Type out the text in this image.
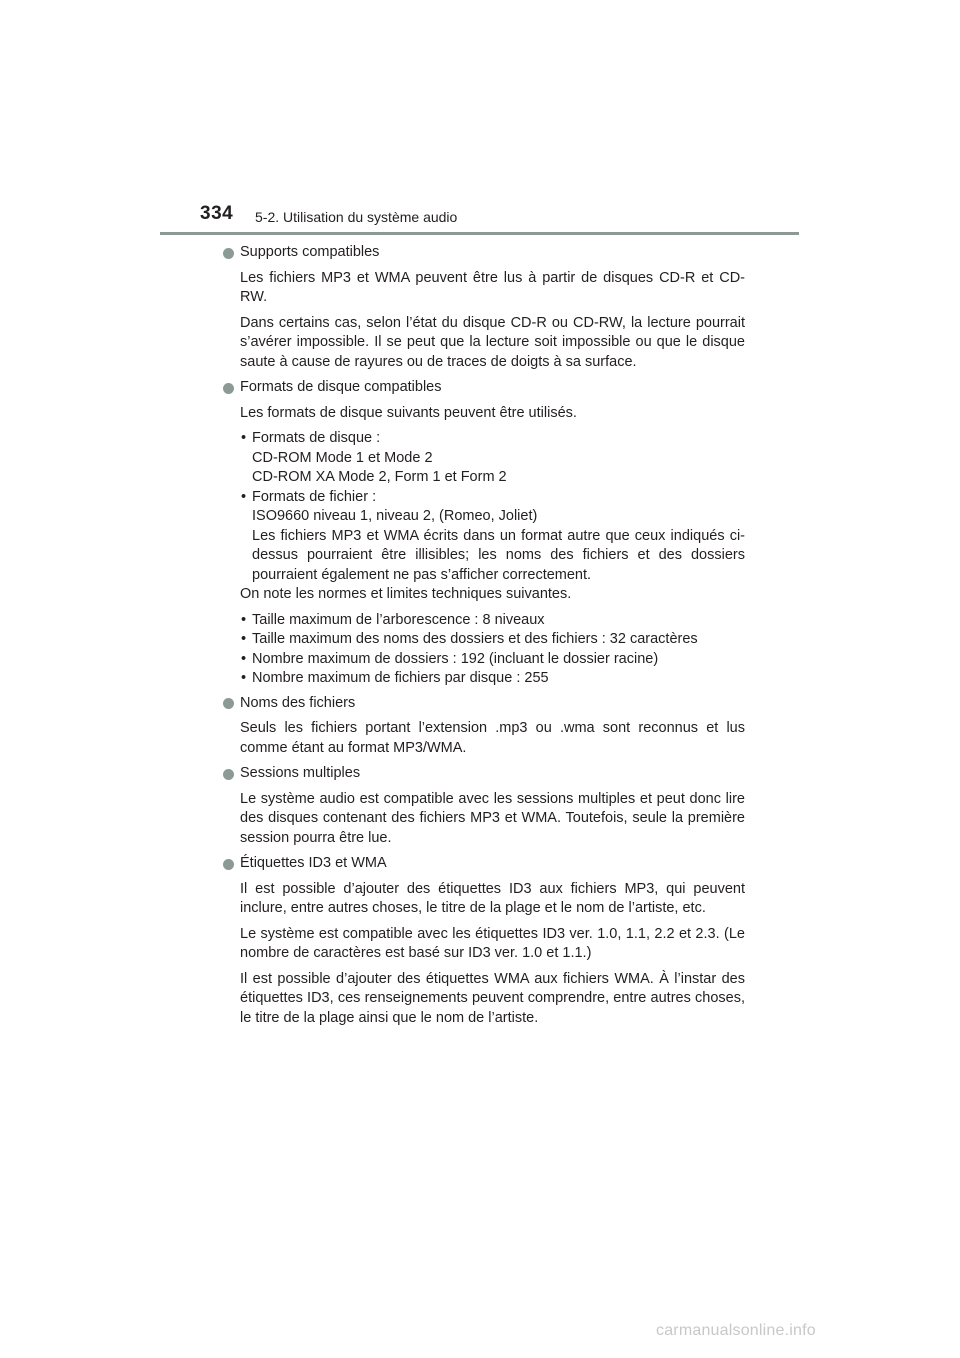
334 5-2. Utilisation du système audio
Supports compatibles
Les fichiers MP3 et WMA peuvent être lus à partir de disques CD-R et CD-RW.
Dans certains cas, selon l’état du disque CD-R ou CD-RW, la lecture pourrait s’avérer impossible. Il se peut que la lecture soit impossible ou que le disque saute à cause de rayures ou de traces de doigts à sa surface.
Formats de disque compatibles
Les formats de disque suivants peuvent être utilisés.
• Formats de disque :
CD-ROM Mode 1 et Mode 2
CD-ROM XA Mode 2, Form 1 et Form 2
• Formats de fichier :
ISO9660 niveau 1, niveau 2, (Romeo, Joliet)
Les fichiers MP3 et WMA écrits dans un format autre que ceux indiqués ci-dessus pourraient être illisibles; les noms des fichiers et des dossiers pourraient également ne pas s’afficher correctement.
On note les normes et limites techniques suivantes.
• Taille maximum de l’arborescence : 8 niveaux
• Taille maximum des noms des dossiers et des fichiers : 32 caractères
• Nombre maximum de dossiers : 192 (incluant le dossier racine)
• Nombre maximum de fichiers par disque : 255
Noms des fichiers
Seuls les fichiers portant l’extension .mp3 ou .wma sont reconnus et lus comme étant au format MP3/WMA.
Sessions multiples
Le système audio est compatible avec les sessions multiples et peut donc lire des disques contenant des fichiers MP3 et WMA. Toutefois, seule la première session pourra être lue.
Étiquettes ID3 et WMA
Il est possible d’ajouter des étiquettes ID3 aux fichiers MP3, qui peuvent inclure, entre autres choses, le titre de la plage et le nom de l’artiste, etc.
Le système est compatible avec les étiquettes ID3 ver. 1.0, 1.1, 2.2 et 2.3. (Le nombre de caractères est basé sur ID3 ver. 1.0 et 1.1.)
Il est possible d’ajouter des étiquettes WMA aux fichiers WMA. À l’instar des étiquettes ID3, ces renseignements peuvent comprendre, entre autres choses, le titre de la plage ainsi que le nom de l’artiste.
carmanualsonline.info
